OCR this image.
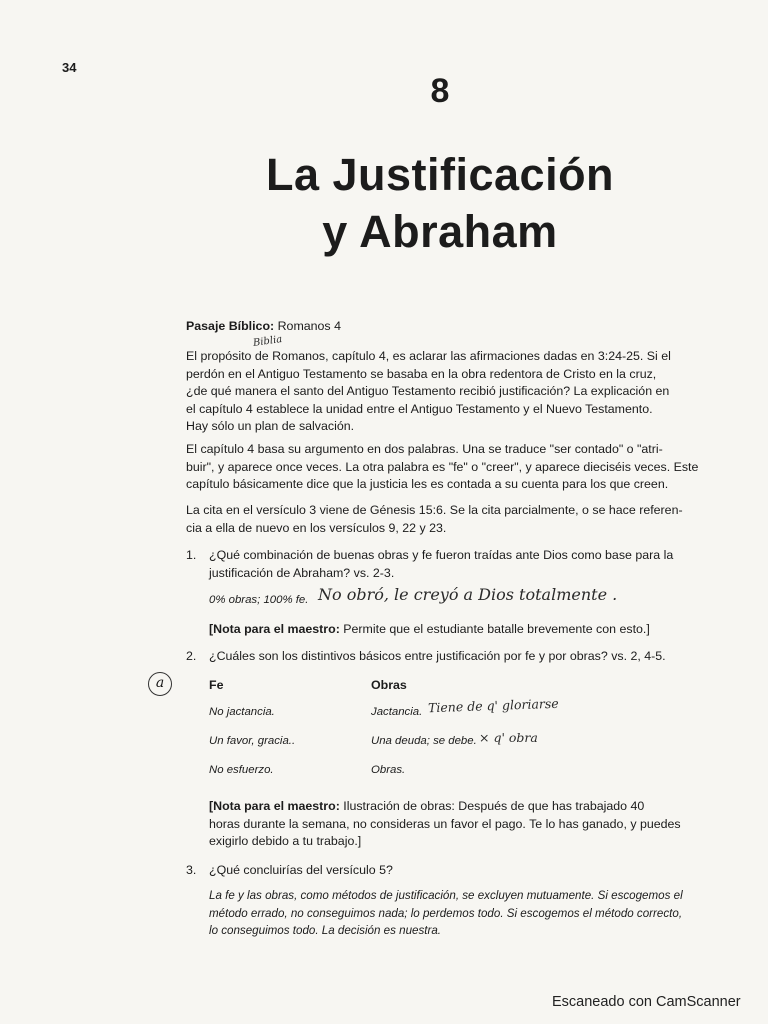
34
8
La Justificación
y Abraham
Pasaje Bíblico: Romanos 4
Biblia
El propósito de Romanos, capítulo 4, es aclarar las afirmaciones dadas en 3:24-25. Si el
perdón en el Antiguo Testamento se basaba en la obra redentora de Cristo en la cruz,
¿de qué manera el santo del Antiguo Testamento recibió justificación? La explicación en
el capítulo 4 establece la unidad entre el Antiguo Testamento y el Nuevo Testamento.
Hay sólo un plan de salvación.
El capítulo 4 basa su argumento en dos palabras. Una se traduce "ser contado" o "atri-
buir", y aparece once veces. La otra palabra es "fe" o "creer", y aparece dieciséis veces. Este
capítulo básicamente dice que la justicia les es contada a su cuenta para los que creen.
La cita en el versículo 3 viene de Génesis 15:6. Se la cita parcialmente, o se hace referen-
cia a ella de nuevo en los versículos 9, 22 y 23.
1. ¿Qué combinación de buenas obras y fe fueron traídas ante Dios como base para la
justificación de Abraham? vs. 2-3.
0% obras; 100% fe. No obró, le creyó a Dios totalmente .
[Nota para el maestro: Permite que el estudiante batalle brevemente con esto.]
a
2. ¿Cuáles son los distintivos básicos entre justificación por fe y por obras? vs. 2, 4-5.
Fe	Obras
No jactancia.	Jactancia. Tiene de q' gloriarse
Un favor, gracia..	Una deuda; se debe. × q' obra
No esfuerzo.	Obras.
[Nota para el maestro: Ilustración de obras: Después de que has trabajado 40
horas durante la semana, no consideras un favor el pago. Te lo has ganado, y puedes
exigirlo debido a tu trabajo.]
3. ¿Qué concluirías del versículo 5?
La fe y las obras, como métodos de justificación, se excluyen mutuamente. Si escogemos el
método errado, no conseguimos nada; lo perdemos todo. Si escogemos el método correcto,
lo conseguimos todo. La decisión es nuestra.
Escaneado con CamScanner
